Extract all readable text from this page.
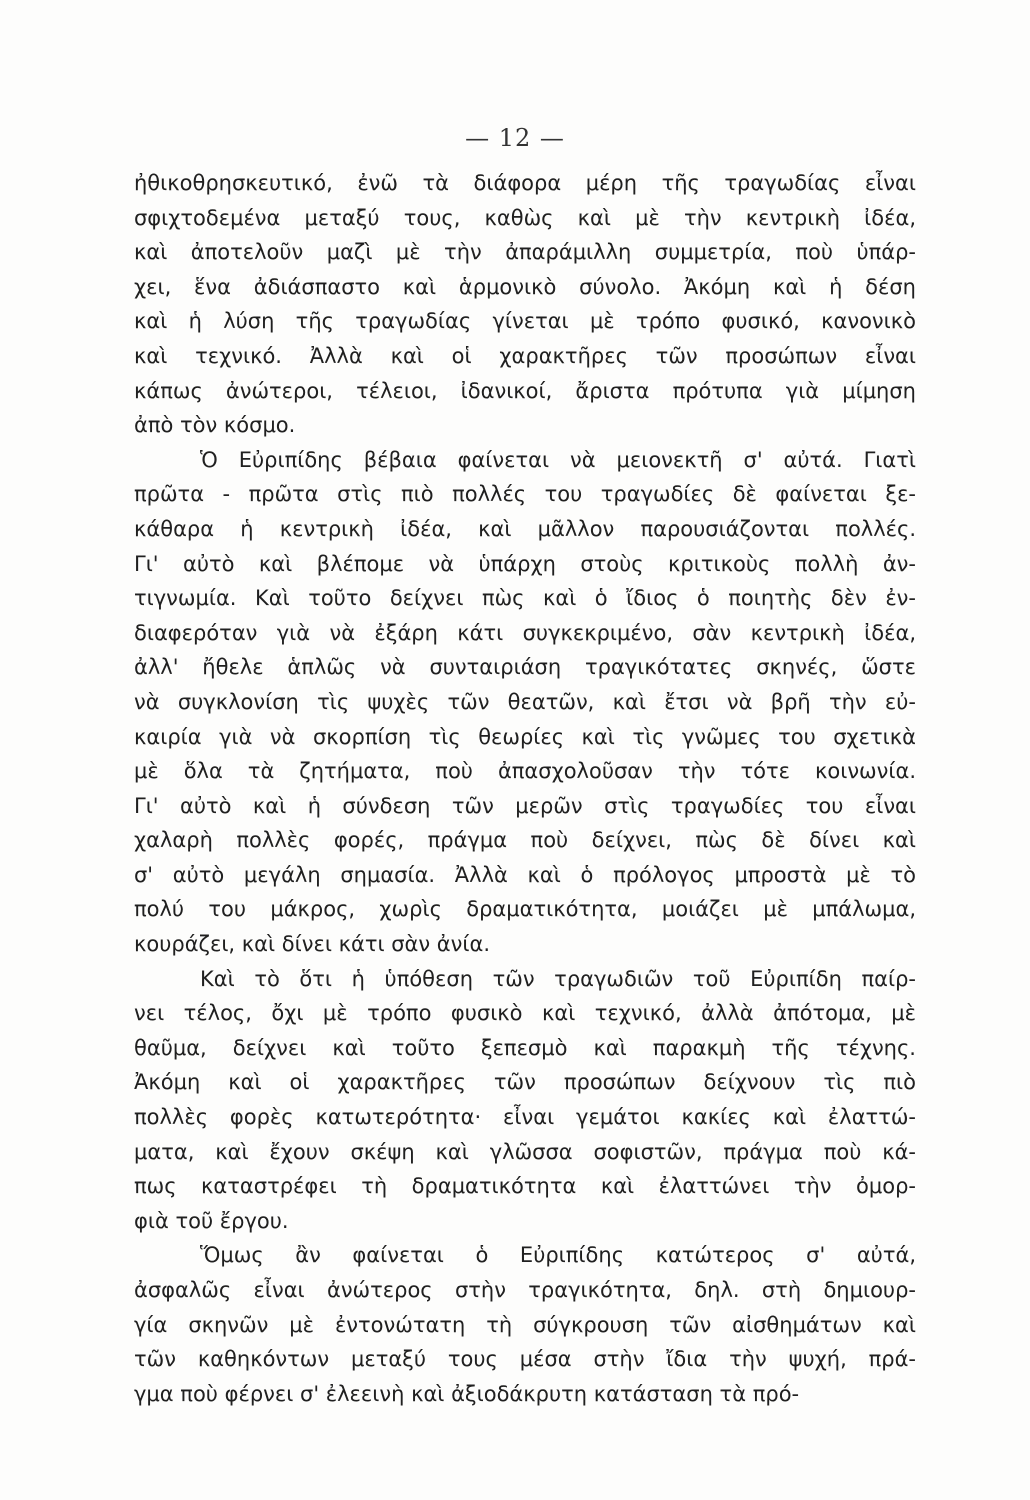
— 12 —
ἠθικοθρησκευτικό, ἐνῶ τὰ διάφορα μέρη τῆς τραγωδίας εἶναι
σφιχτοδεμένα μεταξύ τους, καθὼς καὶ μὲ τὴν κεντρικὴ ἰδέα,
καὶ ἀποτελοῦν μαζὶ μὲ τὴν ἀπαράμιλλη συμμετρία, ποὺ ὑπάρ-
χει, ἕνα ἀδιάσπαστο καὶ ἁρμονικὸ σύνολο. Ἀκόμη καὶ ἡ δέση
καὶ ἡ λύση τῆς τραγωδίας γίνεται μὲ τρόπο φυσικό, κανονικὸ
καὶ τεχνικό. Ἀλλὰ καὶ οἱ χαρακτῆρες τῶν προσώπων εἶναι
κάπως ἀνώτεροι, τέλειοι, ἰδανικοί, ἄριστα πρότυπα γιὰ μίμηση
ἀπὸ τὸν κόσμο.
Ὁ Εὐριπίδης βέβαια φαίνεται νὰ μειονεκτῆ σ' αὐτά. Γιατὶ
πρῶτα - πρῶτα στὶς πιὸ πολλές του τραγωδίες δὲ φαίνεται ξε-
κάθαρα ἡ κεντρικὴ ἰδέα, καὶ μᾶλλον παρουσιάζονται πολλές.
Γι' αὐτὸ καὶ βλέπομε νὰ ὑπάρχη στοὺς κριτικοὺς πολλὴ ἀν-
τιγνωμία. Καὶ τοῦτο δείχνει πὼς καὶ ὁ ἴδιος ὁ ποιητὴς δὲν ἐν-
διαφερόταν γιὰ νὰ ἐξάρη κάτι συγκεκριμένο, σὰν κεντρικὴ ἰδέα,
ἀλλ' ἤθελε ἁπλῶς νὰ συνταιριάση τραγικότατες σκηνές, ὥστε
νὰ συγκλονίση τὶς ψυχὲς τῶν θεατῶν, καὶ ἔτσι νὰ βρῆ τὴν εὐ-
καιρία γιὰ νὰ σκορπίση τὶς θεωρίες καὶ τὶς γνῶμες του σχετικὰ
μὲ ὅλα τὰ ζητήματα, ποὺ ἀπασχολοῦσαν τὴν τότε κοινωνία.
Γι' αὐτὸ καὶ ἡ σύνδεση τῶν μερῶν στὶς τραγωδίες του εἶναι
χαλαρὴ πολλὲς φορές, πράγμα ποὺ δείχνει, πὼς δὲ δίνει καὶ
σ' αὐτὸ μεγάλη σημασία. Ἀλλὰ καὶ ὁ πρόλογος μπροστὰ μὲ τὸ
πολύ του μάκρος, χωρὶς δραματικότητα, μοιάζει μὲ μπάλωμα,
κουράζει, καὶ δίνει κάτι σὰν ἀνία.
Καὶ τὸ ὅτι ἡ ὑπόθεση τῶν τραγωδιῶν τοῦ Εὐριπίδη παίρ-
νει τέλος, ὄχι μὲ τρόπο φυσικὸ καὶ τεχνικό, ἀλλὰ ἀπότομα, μὲ
θαῦμα, δείχνει καὶ τοῦτο ξεπεσμὸ καὶ παρακμὴ τῆς τέχνης.
Ἀκόμη καὶ οἱ χαρακτῆρες τῶν προσώπων δείχνουν τὶς πιὸ
πολλὲς φορὲς κατωτερότητα· εἶναι γεμάτοι κακίες καὶ ἐλαττώ-
ματα, καὶ ἔχουν σκέψη καὶ γλῶσσα σοφιστῶν, πράγμα ποὺ κά-
πως καταστρέφει τὴ δραματικότητα καὶ ἐλαττώνει τὴν ὀμορ-
φιὰ τοῦ ἔργου.
Ὅμως ἂν φαίνεται ὁ Εὐριπίδης κατώτερος σ' αὐτά,
ἀσφαλῶς εἶναι ἀνώτερος στὴν τραγικότητα, δηλ. στὴ δημιουρ-
γία σκηνῶν μὲ ἐντονώτατη τὴ σύγκρουση τῶν αἰσθημάτων καὶ
τῶν καθηκόντων μεταξύ τους μέσα στὴν ἴδια τὴν ψυχή, πρά-
γμα ποὺ φέρνει σ' ἐλεεινὴ καὶ ἀξιοδάκρυτη κατάσταση τὰ πρό-
